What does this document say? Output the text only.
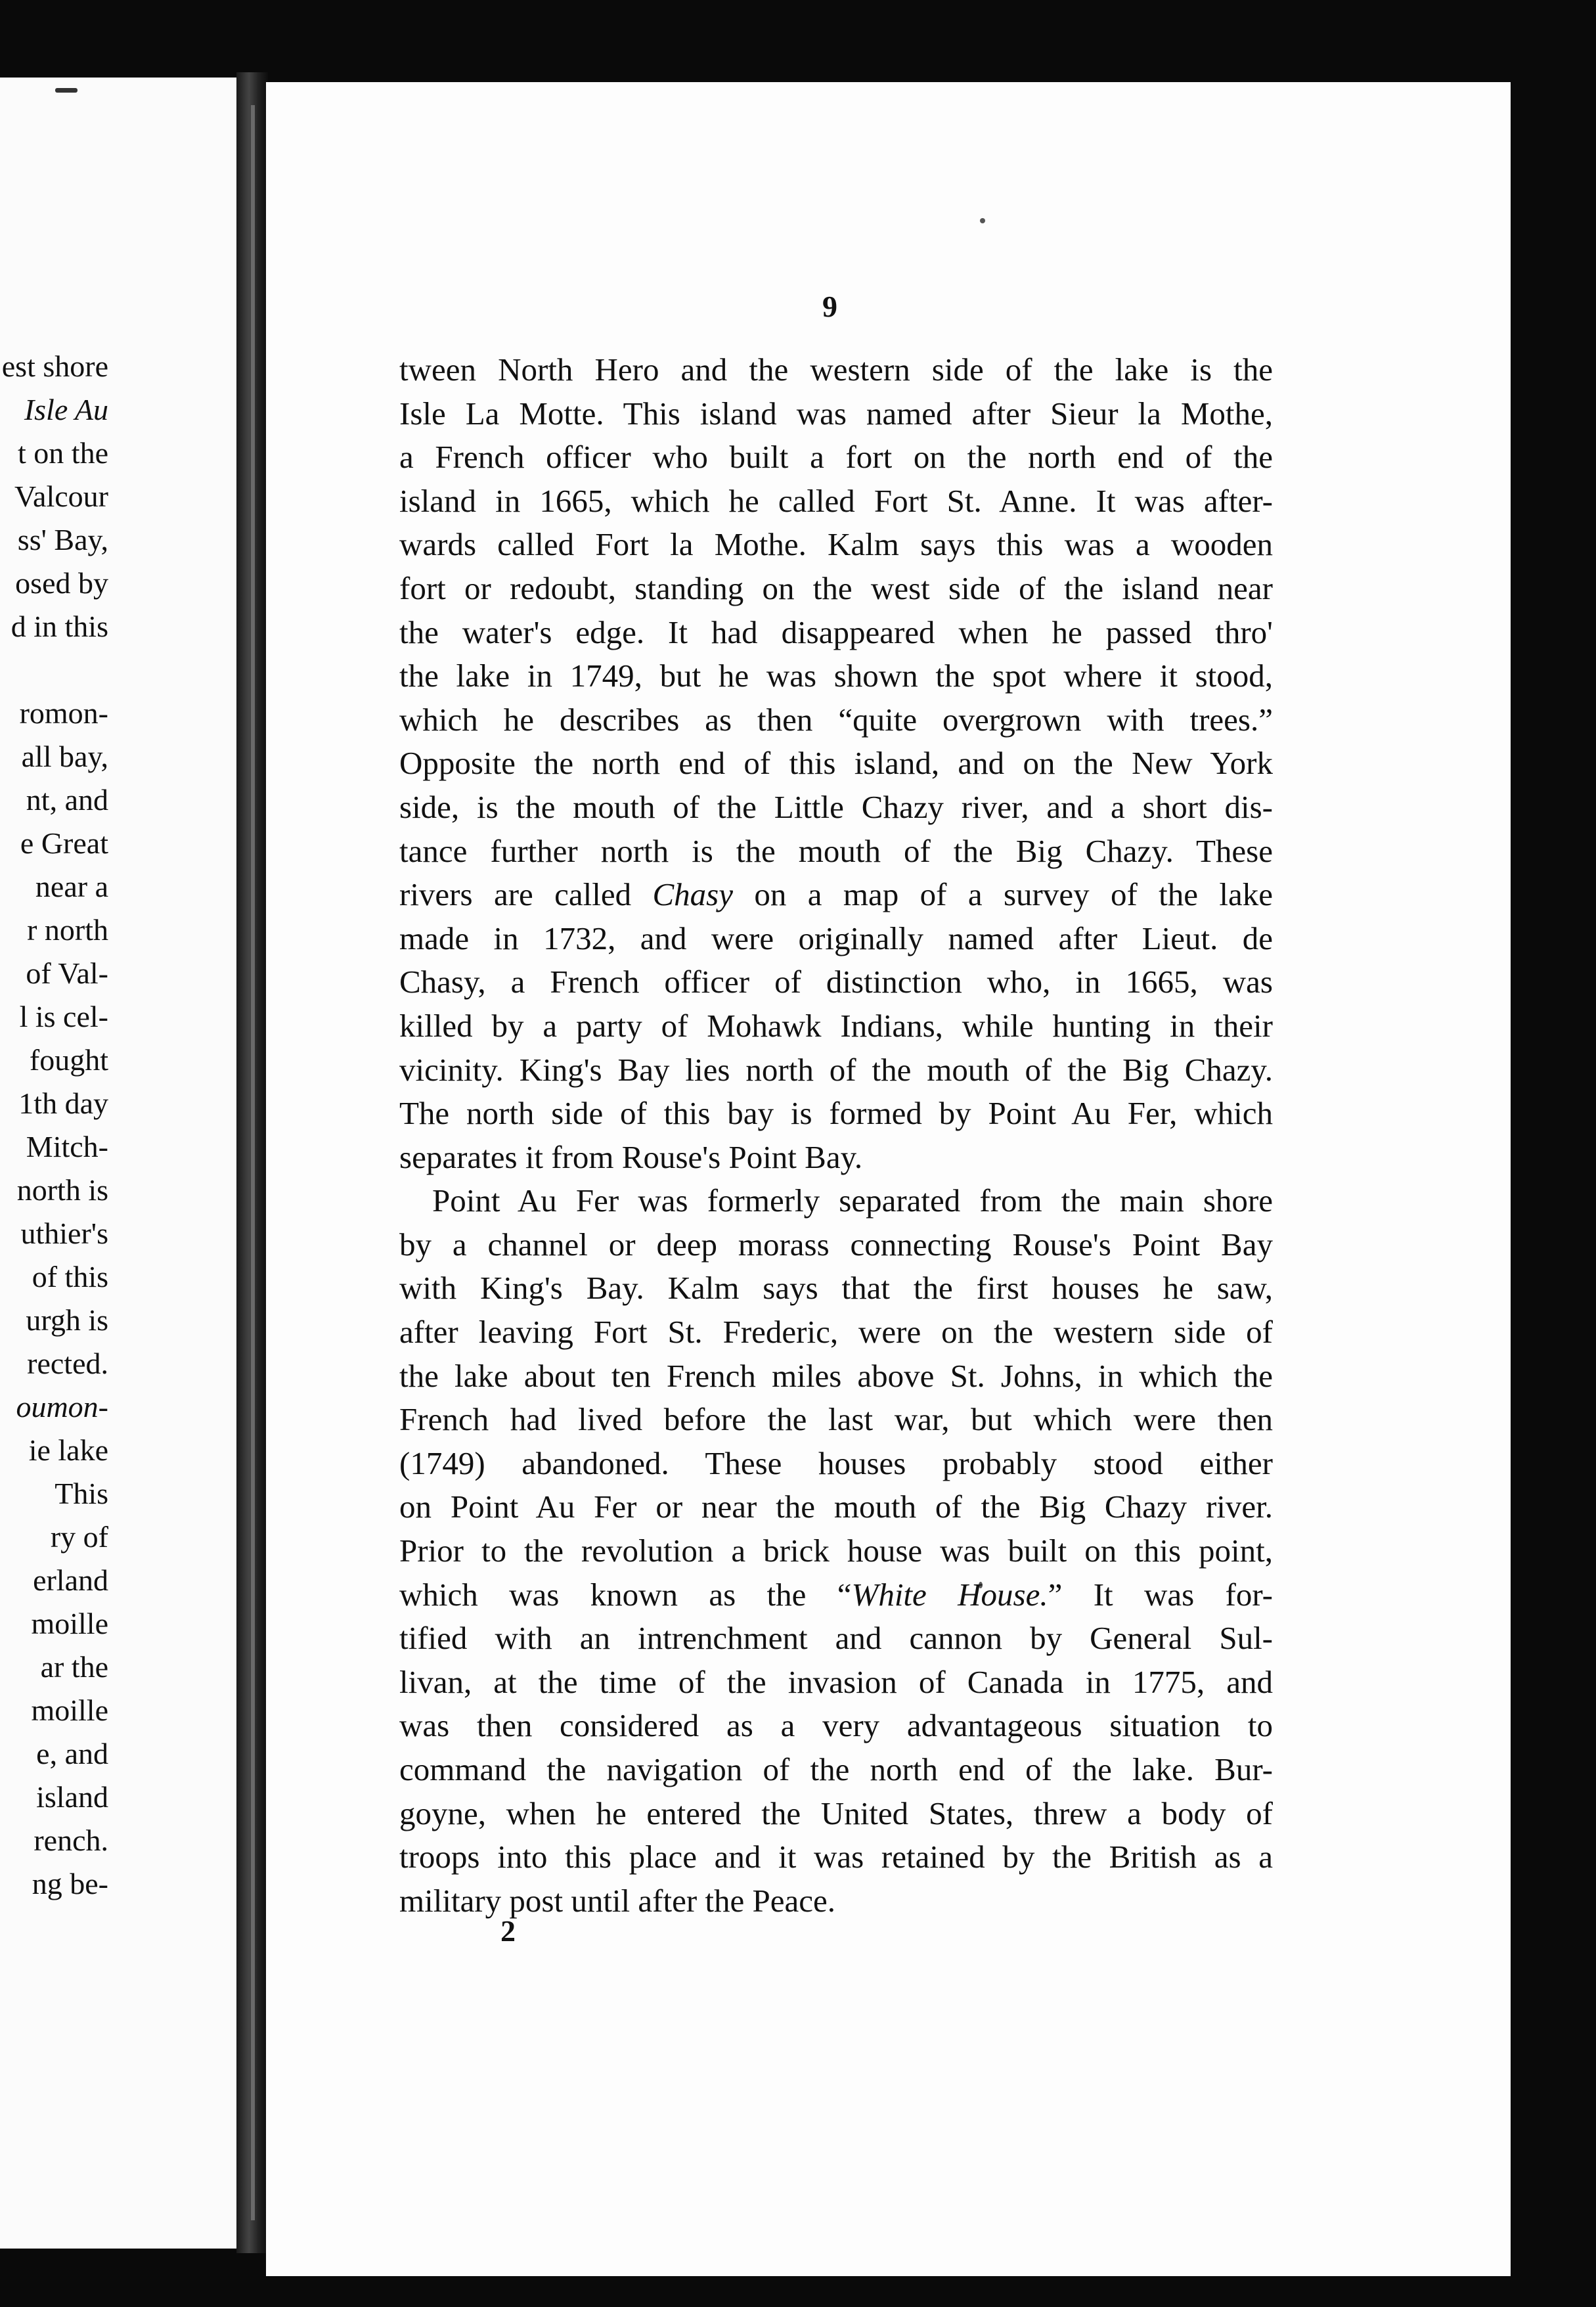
est shore
Isle Au
t on the
Valcour
ss' Bay,
osed by
d in this
romon-
all bay,
nt, and
e Great
near a
r north
of Val-
l is cel-
fought
1th day
Mitch-
north is
uthier's
of this
urgh is
rected.
oumon-
ie lake
This
ry of
erland
moille
ar the
moille
e, and
island
rench.
ng be-
9
tween North Hero and the western side of the lake is the
Isle La Motte. This island was named after Sieur la Mothe,
a French officer who built a fort on the north end of the
island in 1665, which he called Fort St. Anne. It was after-
wards called Fort la Mothe. Kalm says this was a wooden
fort or redoubt, standing on the west side of the island near
the water's edge. It had disappeared when he passed thro'
the lake in 1749, but he was shown the spot where it stood,
which he describes as then “quite overgrown with trees.”
Opposite the north end of this island, and on the New York
side, is the mouth of the Little Chazy river, and a short dis-
tance further north is the mouth of the Big Chazy. These
rivers are called Chasy on a map of a survey of the lake
made in 1732, and were originally named after Lieut. de
Chasy, a French officer of distinction who, in 1665, was
killed by a party of Mohawk Indians, while hunting in their
vicinity. King's Bay lies north of the mouth of the Big Chazy.
The north side of this bay is formed by Point Au Fer, which
separates it from Rouse's Point Bay.
Point Au Fer was formerly separated from the main shore
by a channel or deep morass connecting Rouse's Point Bay
with King's Bay. Kalm says that the first houses he saw,
after leaving Fort St. Frederic, were on the western side of
the lake about ten French miles above St. Johns, in which the
French had lived before the last war, but which were then
(1749) abandoned. These houses probably stood either
on Point Au Fer or near the mouth of the Big Chazy river.
Prior to the revolution a brick house was built on this point,
which was known as the “White House.” It was for-
tified with an intrenchment and cannon by General Sul-
livan, at the time of the invasion of Canada in 1775, and
was then considered as a very advantageous situation to
command the navigation of the north end of the lake. Bur-
goyne, when he entered the United States, threw a body of
troops into this place and it was retained by the British as a
military post until after the Peace.
2
